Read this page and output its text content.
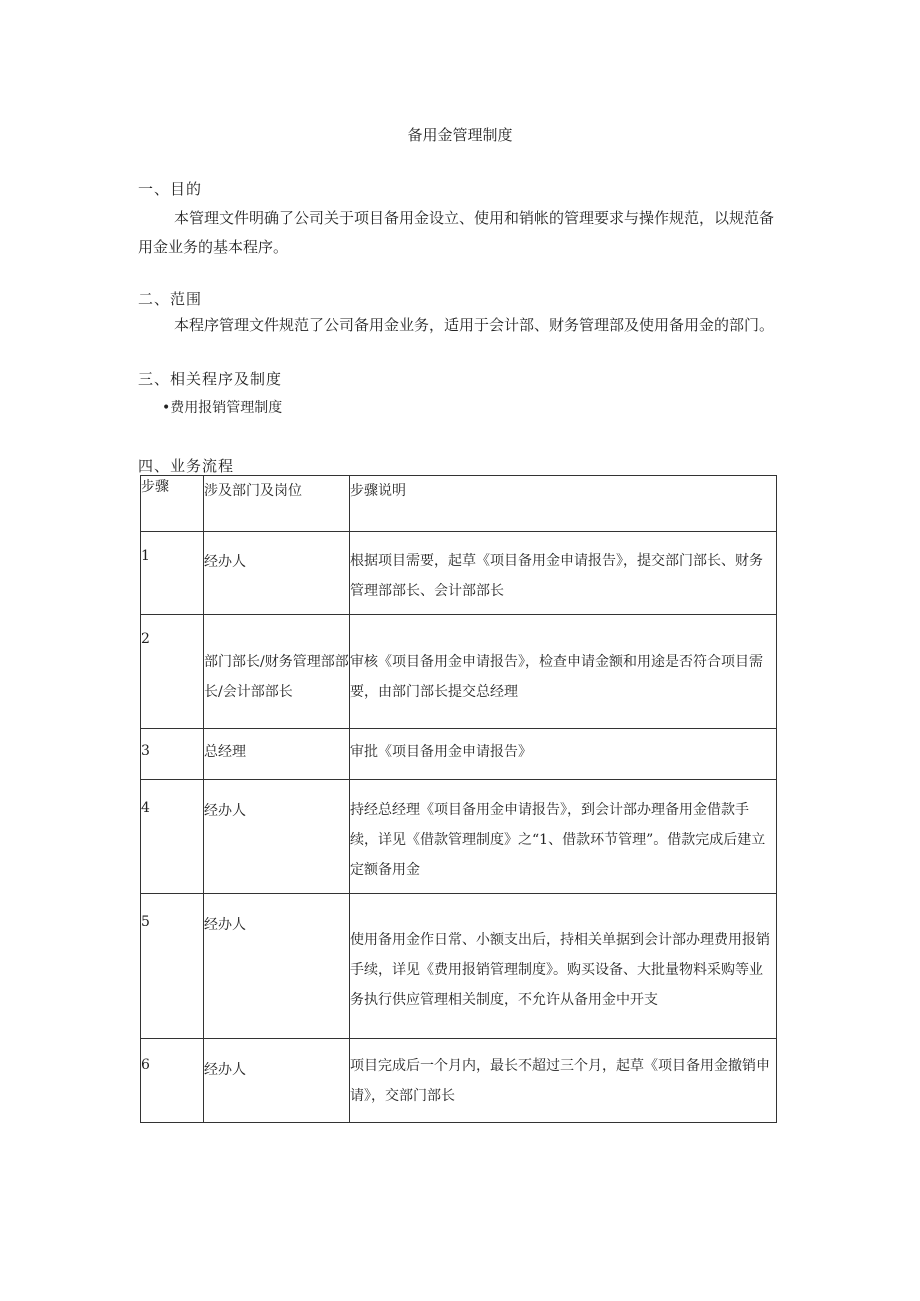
备用金管理制度
一、目的
本管理文件明确了公司关于项目备用金设立、使用和销帐的管理要求与操作规范，以规范备用金业务的基本程序。
二、范围
本程序管理文件规范了公司备用金业务，适用于会计部、财务管理部及使用备用金的部门。
三、相关程序及制度
•费用报销管理制度
四、业务流程
步骤	涉及部门及岗位	步骤说明
1	经办人	根据项目需要，起草《项目备用金申请报告》，提交部门部长、财务管理部部长、会计部部长
2	部门部长/财务管理部部长/会计部部长	审核《项目备用金申请报告》，检查申请金额和用途是否符合项目需要，由部门部长提交总经理
3	总经理	审批《项目备用金申请报告》
4	经办人	持经总经理《项目备用金申请报告》，到会计部办理备用金借款手续，详见《借款管理制度》之“1、借款环节管理”。借款完成后建立定额备用金
5	经办人	使用备用金作日常、小额支出后，持相关单据到会计部办理费用报销手续，详见《费用报销管理制度》。购买设备、大批量物料采购等业务执行供应管理相关制度，不允许从备用金中开支
6	经办人	项目完成后一个月内，最长不超过三个月，起草《项目备用金撤销申请》，交部门部长
